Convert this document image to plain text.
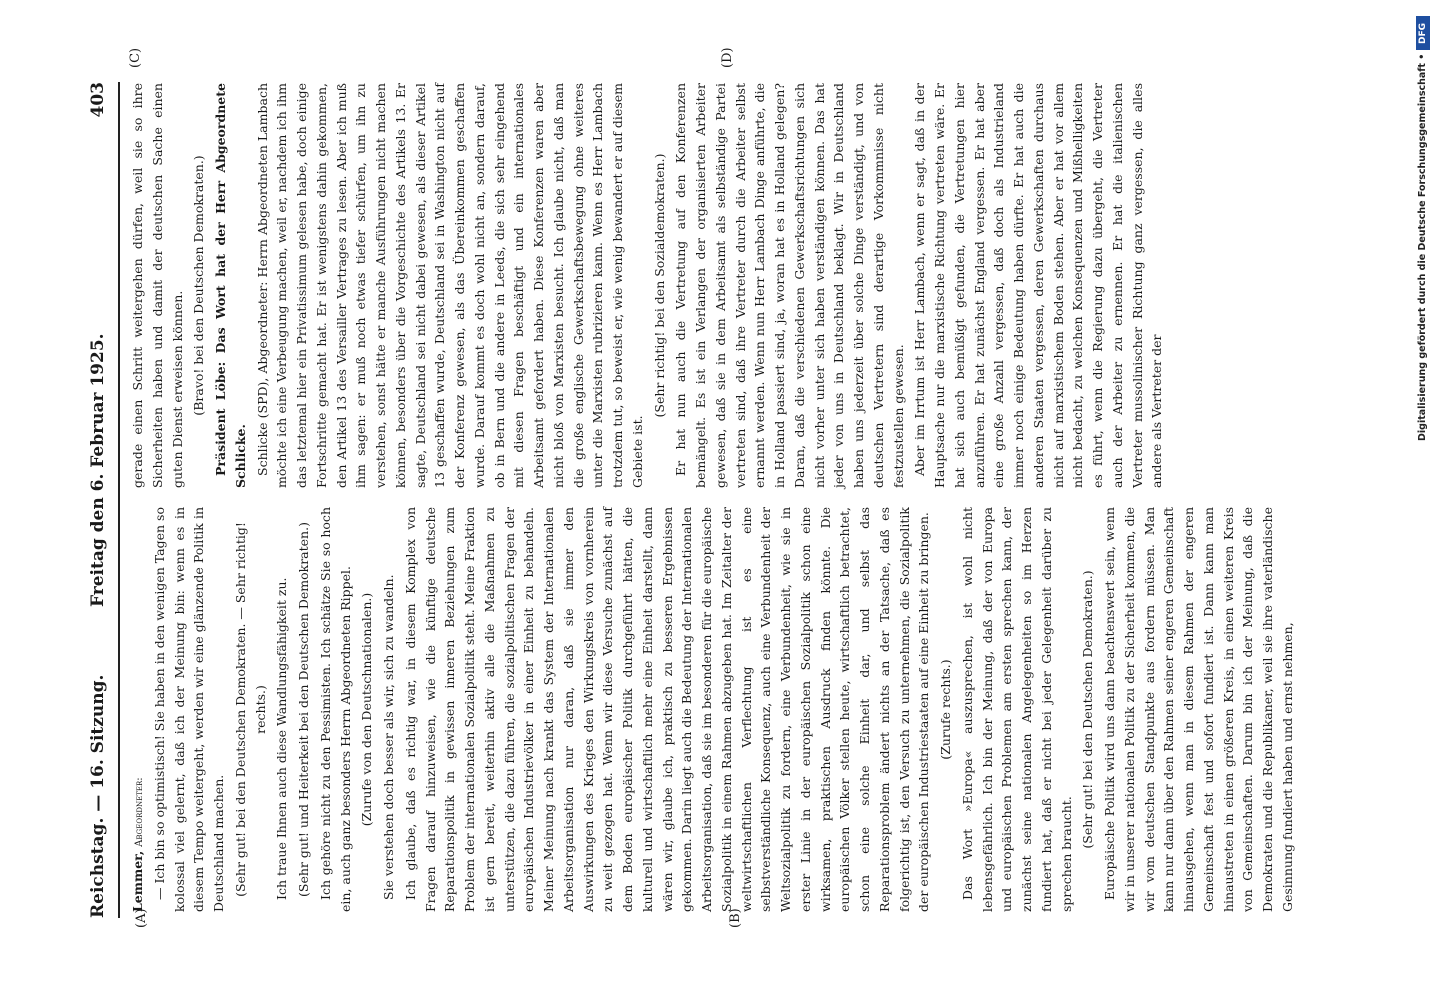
Reichstag. — 16. Sitzung.
Freitag den 6. Februar 1925. 403
(A)	(B)
(C)	(D)

Lemmer, Abgeordneter: — Ich bin so optimistisch! Sie haben in den wenigen Tagen so kolossal viel gelernt, daß ich der Meinung bin: wenn es in diesem Tempo weitergeht, werden wir eine glänzende Politik in Deutschland machen. (Sehr gut! bei den Deutschen Demokraten. — Sehr richtig! rechts.) Ich traue Ihnen auch diese Wandlungsfähigkeit zu. (Sehr gut! und Heiterkeit bei den Deutschen Demokraten.) Ich gehöre nicht zu den Pessimisten. Ich schätze Sie so hoch ein, auch ganz besonders Herrn Abgeordneten Rippel. (Zurufe von den Deutschnationalen.) Sie verstehen doch besser als wir, sich zu wandeln. Ich glaube, daß es richtig war, in diesem Komplex von Fragen darauf hinzuweisen, wie die künftige deutsche Reparationspolitik in gewissen inneren Beziehungen zum Problem der internationalen Sozialpolitik steht. Meine Fraktion ist gern bereit, weiterhin aktiv alle die Maßnahmen zu unterstützen, die dazu führen, die sozialpolitischen Fragen der europäischen Industrievölker in einer Einheit zu behandeln. Meiner Meinung nach krankt das System der Internationalen Arbeitsorganisation nur daran, daß sie immer den Auswirkungen des Krieges den Wirkungskreis von vornherein zu weit gezogen hat. Wenn wir diese Versuche zunächst auf dem Boden europäischer Politik durchgeführt hätten, die kulturell und wirtschaftlich mehr eine Einheit darstellt, dann wären wir, glaube ich, praktisch zu besseren Ergebnissen gekommen. Darin liegt auch die Bedeutung der Internationalen Arbeitsorganisation, daß sie im besonderen für die europäische Sozialpolitik in einem Rahmen abzugeben hat. Im Zeitalter der weltwirtschaftlichen Verflechtung ist es eine selbstverständliche Konsequenz, auch eine Verbundenheit der Weltsozialpolitik zu fordern, eine Verbundenheit, wie sie in erster Linie in der europäischen Sozialpolitik schon eine wirksamen, praktischen Ausdruck finden könnte. Die europäischen Völker stellen heute, wirtschaftlich betrachtet, schon eine solche Einheit dar, und selbst das Reparationsproblem ändert nichts an der Tatsache, daß es folgerichtig ist, den Versuch zu unternehmen, die Sozialpolitik der europäischen Industriestaaten auf eine Einheit zu bringen. (Zurufe rechts.) Das Wort »Europa« auszusprechen, ist wohl nicht lebensgefährlich. Ich bin der Meinung, daß der von Europa und europäischen Problemen am ersten sprechen kann, der zunächst seine nationalen Angelegenheiten so im Herzen fundiert hat, daß er nicht bei jeder Gelegenheit darüber zu sprechen braucht.

(Sehr gut! bei den Deutschen Demokraten.) Europäische Politik wird uns dann beachtenswert sein, wenn wir in unserer nationalen Politik zu der Sicherheit kommen, die wir vom deutschen Standpunkte aus fordern müssen. Man kann nur dann über den Rahmen seiner engeren Gemeinschaft hinausgehen, wenn man in diesem Rahmen der engeren Gemeinschaft fest und sofort fundiert ist. Dann kann man hinaustreten in einen größeren Kreis, in einen weiteren Kreis von Gemeinschaften. Darum bin ich der Meinung, daß die Demokraten und die Republikaner, weil sie ihre vaterländische Gesinnung fundiert haben und ernst nehmen,

gerade einen Schritt weitergehen dürfen, weil sie so ihre Sicherheiten haben und damit der deutschen Sache einen guten Dienst erweisen können. (Bravo! bei den Deutschen Demokraten.) Präsident Löbe: Das Wort hat der Herr Abgeordnete Schlicke. Schlicke (SPD), Abgeordneter: Herrn Abgeordneten Lambach möchte ich eine Verbeugung machen, weil er, nachdem ich ihm das letztemal hier ein Privatissimum gelesen habe, doch einige Fortschritte gemacht hat. Er ist wenigstens dahin gekommen, den Artikel 13 des Versailler Vertrages zu lesen. Aber ich muß ihm sagen: er muß noch etwas tiefer schürfen, um ihn zu verstehen, sonst hätte er manche Ausführungen nicht machen können, besonders über die Vorgeschichte des Artikels 13. Er sagte, Deutschland sei nicht dabei gewesen, als dieser Artikel 13 geschaffen wurde, Deutschland sei in Washington nicht auf der Konferenz gewesen, als das Übereinkommen geschaffen wurde. Darauf kommt es doch wohl nicht an, sondern darauf, ob in Bern und die andere in Leeds, die sich sehr eingehend mit diesen Fragen beschäftigt und ein internationales Arbeitsamt gefordert haben. Diese Konferenzen waren aber nicht bloß von Marxisten besucht. Ich glaube nicht, daß man die große englische Gewerkschaftsbewegung ohne weiteres unter die Marxisten rubrizieren kann. Wenn es Herr Lambach trotzdem tut, so beweist er, wie wenig bewandert er auf diesem Gebiete ist.

(Sehr richtig! bei den Sozialdemokraten.) Er hat nun auch die Vertretung auf den Konferenzen bemängelt. Es ist ein Verlangen der organisierten Arbeiter gewesen, daß sie in dem Arbeitsamt als selbständige Partei vertreten sind, daß ihre Vertreter durch die Arbeiter selbst ernannt werden. Wenn nun Herr Lambach Dinge anführte, die in Holland passiert sind, ja, woran hat es in Holland gelegen? Daran, daß die verschiedenen Gewerkschaftsrichtungen sich nicht vorher unter sich haben verständigen können. Das hat jeder von uns in Deutschland beklagt. Wir in Deutschland haben uns jederzeit über solche Dinge verständigt, und von deutschen Vertretern sind derartige Vorkommnisse nicht festzustellen gewesen. Aber im Irrtum ist Herr Lambach, wenn er sagt, daß in der Hauptsache nur die marxistische Richtung vertreten wäre. Er hat sich auch bemüßigt gefunden, die Vertretungen hier anzuführen. Er hat zunächst England vergessen. Er hat aber eine große Anzahl vergessen, daß doch als Industrieland immer noch einige Bedeutung haben dürfte. Er hat auch die anderen Staaten vergessen, deren Gewerkschaften durchaus nicht auf marxistischem Boden stehen. Aber er hat vor allem nicht bedacht, zu welchen Konsequenzen und Mißhelligkeiten es führt, wenn die Regierung dazu übergeht, die Vertreter auch der Arbeiter zu ernennen. Er hat die italienischen Vertreter mussolinischer Richtung ganz vergessen, die alles andere als Vertreter der

DFG
Digitalisierung gefördert durch die Deutsche Forschungsgemeinschaft •
